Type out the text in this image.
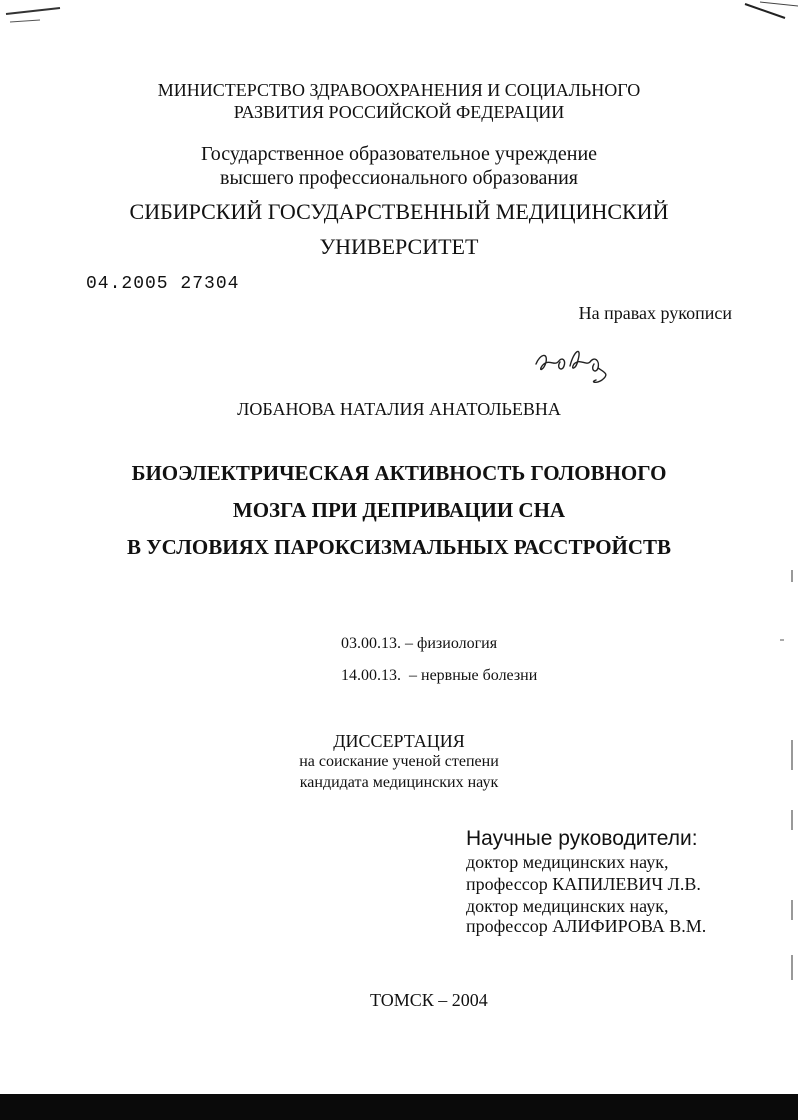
МИНИСТЕРСТВО ЗДРАВООХРАНЕНИЯ И СОЦИАЛЬНОГО
РАЗВИТИЯ РОССИЙСКОЙ ФЕДЕРАЦИИ
Государственное образовательное учреждение
высшего профессионального образования
СИБИРСКИЙ ГОСУДАРСТВЕННЫЙ МЕДИЦИНСКИЙ
УНИВЕРСИТЕТ
04.2005 27304
На правах рукописи
ЛОБАНОВА НАТАЛИЯ АНАТОЛЬЕВНА
БИОЭЛЕКТРИЧЕСКАЯ АКТИВНОСТЬ ГОЛОВНОГО
МОЗГА ПРИ ДЕПРИВАЦИИ СНА
В УСЛОВИЯХ ПАРОКСИЗМАЛЬНЫХ РАССТРОЙСТВ
03.00.13. – физиология
14.00.13.  – нервные болезни
ДИССЕРТАЦИЯ
на соискание ученой степени
кандидата медицинских наук
Научные руководители:
доктор медицинских наук,
профессор КАПИЛЕВИЧ Л.В.
доктор медицинских наук,
профессор АЛИФИРОВА В.М.
ТОМСК – 2004
